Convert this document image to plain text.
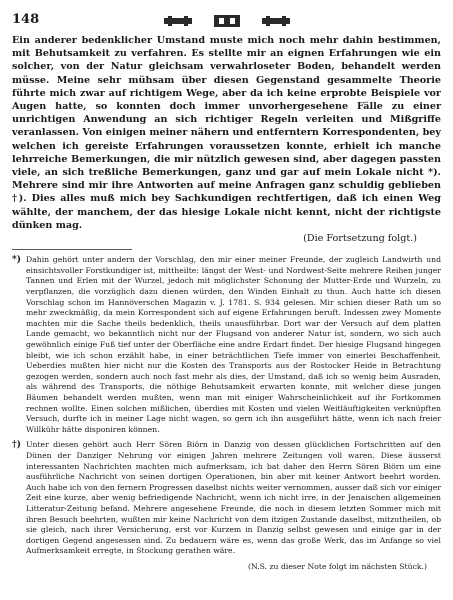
148

Ein anderer bedenklicher Umstand muste mich noch mehr dahin bestimmen, mit Behutsamkeit zu verfahren. Es stellte mir an eignen Erfahrungen wie ein solcher, von der Natur gleichsam verwahrloseter Boden, behandelt werden müsse. Meine sehr mühsam über diesen Gegenstand gesammelte Theorie führte mich zwar auf richtigem Wege, aber da ich keine erprobte Beispiele vor Augen hatte, so konnten doch immer unvorhergesehene Fälle zu einer unrichtigen Anwendung an sich richtiger Regeln verleiten und Mißgriffe veranlassen. Von einigen meiner nähern und entferntern Korrespondenten, bey welchen ich gereiste Erfahrungen voraussetzen konnte, erhielt ich manche lehrreiche Bemerkungen, die mir nützlich gewesen sind, aber dagegen passten viele, an sich treßliche Bemerkungen, ganz und gar auf mein Lokale nicht *). Mehrere sind mir ihre Antworten auf meine Anfragen ganz schuldig geblieben †). Dies alles muß mich bey Sachkundigen rechtfertigen, daß ich einen Weg wählte, der manchem, der das hiesige Lokale nicht kennt, nicht der richtigste dünken mag.

(Die Fortsetzung folgt.)

*) Dahin gehört unter andern der Vorschlag, den mir einer meiner Freunde, der zugleich Landwirth und einsichtsvoller Forstkundiger ist, mittheilte: längst der West- und Nordwest-Seite mehrere Reihen junger Tannen und Erlen mit der Wurzel, jedoch mit möglichster Schonung der Mutter-Erde und Wurzeln, zu verpflanzen, die vorzüglich dazu dienen würden, den Winden Einhalt zu thun. Auch hatte ich diesen Vorschlag schon im Hannöverschen Magazin v. J. 1781. S. 934 gelesen. Mir schien dieser Rath um so mehr zweckmäßig, da mein Korrespondent sich auf eigene Erfahrungen beruft. Indessen zwey Momente machten mir die Sache theils bedenklich, theils unausführbar. Dort war der Versuch auf dem platten Lande gemacht, wo bekanntlich nicht nur der Flugsand von anderer Natur ist, sondern, wo sich auch gewöhnlich einige Fuß tief unter der Oberfläche eine andre Erdart findet. Der hiesige Flugsand hingegen bleibt, wie ich schon erzählt habe, in einer beträchtlichen Tiefe immer von einerlei Beschaffenheit. Ueberdies mußten hier nicht nur die Kosten des Transports aus der Rostocker Heide in Betrachtung gezogen werden, sondern auch noch fast mehr als dies, der Umstand, daß ich so wenig beim Ausraden, als während des Transports, die nöthige Behutsamkeit erwarten konnte, mit welcher diese jungen Bäumen behandelt werden mußten, wenn man mit einiger Wahrscheinlichkeit auf ihr Fortkommen rechnen wollte. Einen solchen mißlichen, überdies mit Kosten und vielen Weitläuftigkeiten verknüpften Versuch, durfte ich in meiner Lage nicht wagen, so gern ich ihn ausgeführt hätte, wenn ich nach freier Willkühr hätte disponiren können.
†) Unter diesen gehört auch Herr Sören Biörn in Danzig von dessen glücklichen Fortschritten auf den Dünen der Danziger Nehrung vor einigen Jahren mehrere Zeitungen voll waren. Diese äusserst interessanten Nachrichten machten mich aufmerksam, ich bat daher den Herrn Sören Biörn um eine ausführliche Nachricht von seinen dortigen Operationen, bin aber mit keiner Antwort beehrt worden. Auch habe ich von den fernern Progressen daselbst nichts weiter vernommen, ausser daß sich vor einiger Zeit eine kurze, aber wenig befriedigende Nachricht, wenn ich nicht irre, in der Jenaischen allgemeinen Litteratur-Zeitung befand. Mehrere angesehene Freunde, die noch in diesem letzten Sommer mich mit ihren Besuch beehrten, wußten mir keine Nachricht von dem itzigen Zustande daselbst, mitzutheilen, ob sie gleich, nach ihrer Versicherung, erst vor Kurzem in Danzig selbst gewesen und einige gar in der dortigen Gegend angesessen sind. Zu bedauern wäre es, wenn das große Werk, das im Anfange so viel Aufmerksamkeit erregte, in Stockung gerathen wäre.

(N.S. zu dieser Note folgt im nächsten Stück.)
